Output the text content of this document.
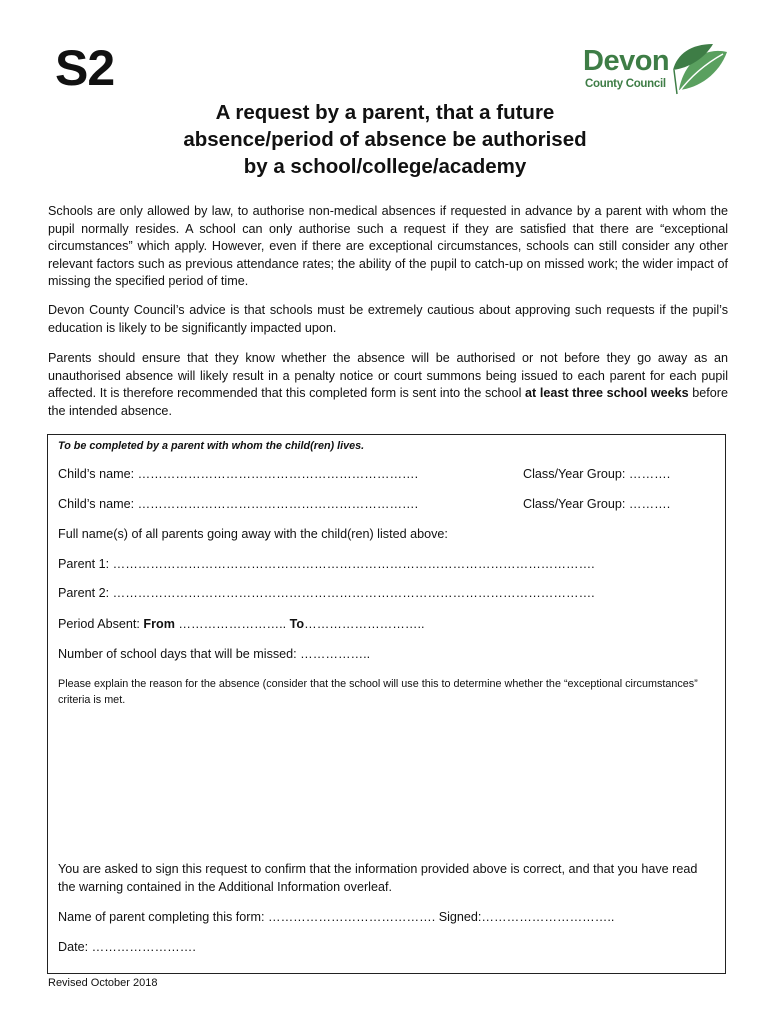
S2	Devon
County Council
A request by a parent, that a future
absence/period of absence be authorised
by a school/college/academy
Schools are only allowed by law, to authorise non-medical absences if requested in advance by a parent with whom the pupil normally resides. A school can only authorise such a request if they are satisfied that there are “exceptional circumstances” which apply. However, even if there are exceptional circumstances, schools can still consider any other relevant factors such as previous attendance rates; the ability of the pupil to catch-up on missed work; the wider impact of missing the specified period of time.
Devon County Council’s advice is that schools must be extremely cautious about approving such requests if the pupil’s education is likely to be significantly impacted upon.
Parents should ensure that they know whether the absence will be authorised or not before they go away as an unauthorised absence will likely result in a penalty notice or court summons being issued to each parent for each pupil affected. It is therefore recommended that this completed form is sent into the school at least three school weeks before the intended absence.
To be completed by a parent with whom the child(ren) lives.
Child’s name: ………………………………………………………….	Class/Year Group: ……….
Child’s name: ………………………………………………………….	Class/Year Group: ……….
Full name(s) of all parents going away with the child(ren) listed above:
Parent 1: …………………………………………………………………………………………………….
Parent 2: …………………………………………………………………………………………………….
Period Absent: From …………………….. To………………………..
Number of school days that will be missed: ……………..
Please explain the reason for the absence (consider that the school will use this to determine whether the “exceptional circumstances” criteria is met.
You are asked to sign this request to confirm that the information provided above is correct, and that you have read the warning contained in the Additional Information overleaf.
Name of parent completing this form: …………………………………. Signed:…………………………..
Date: …………………….
Revised October 2018
